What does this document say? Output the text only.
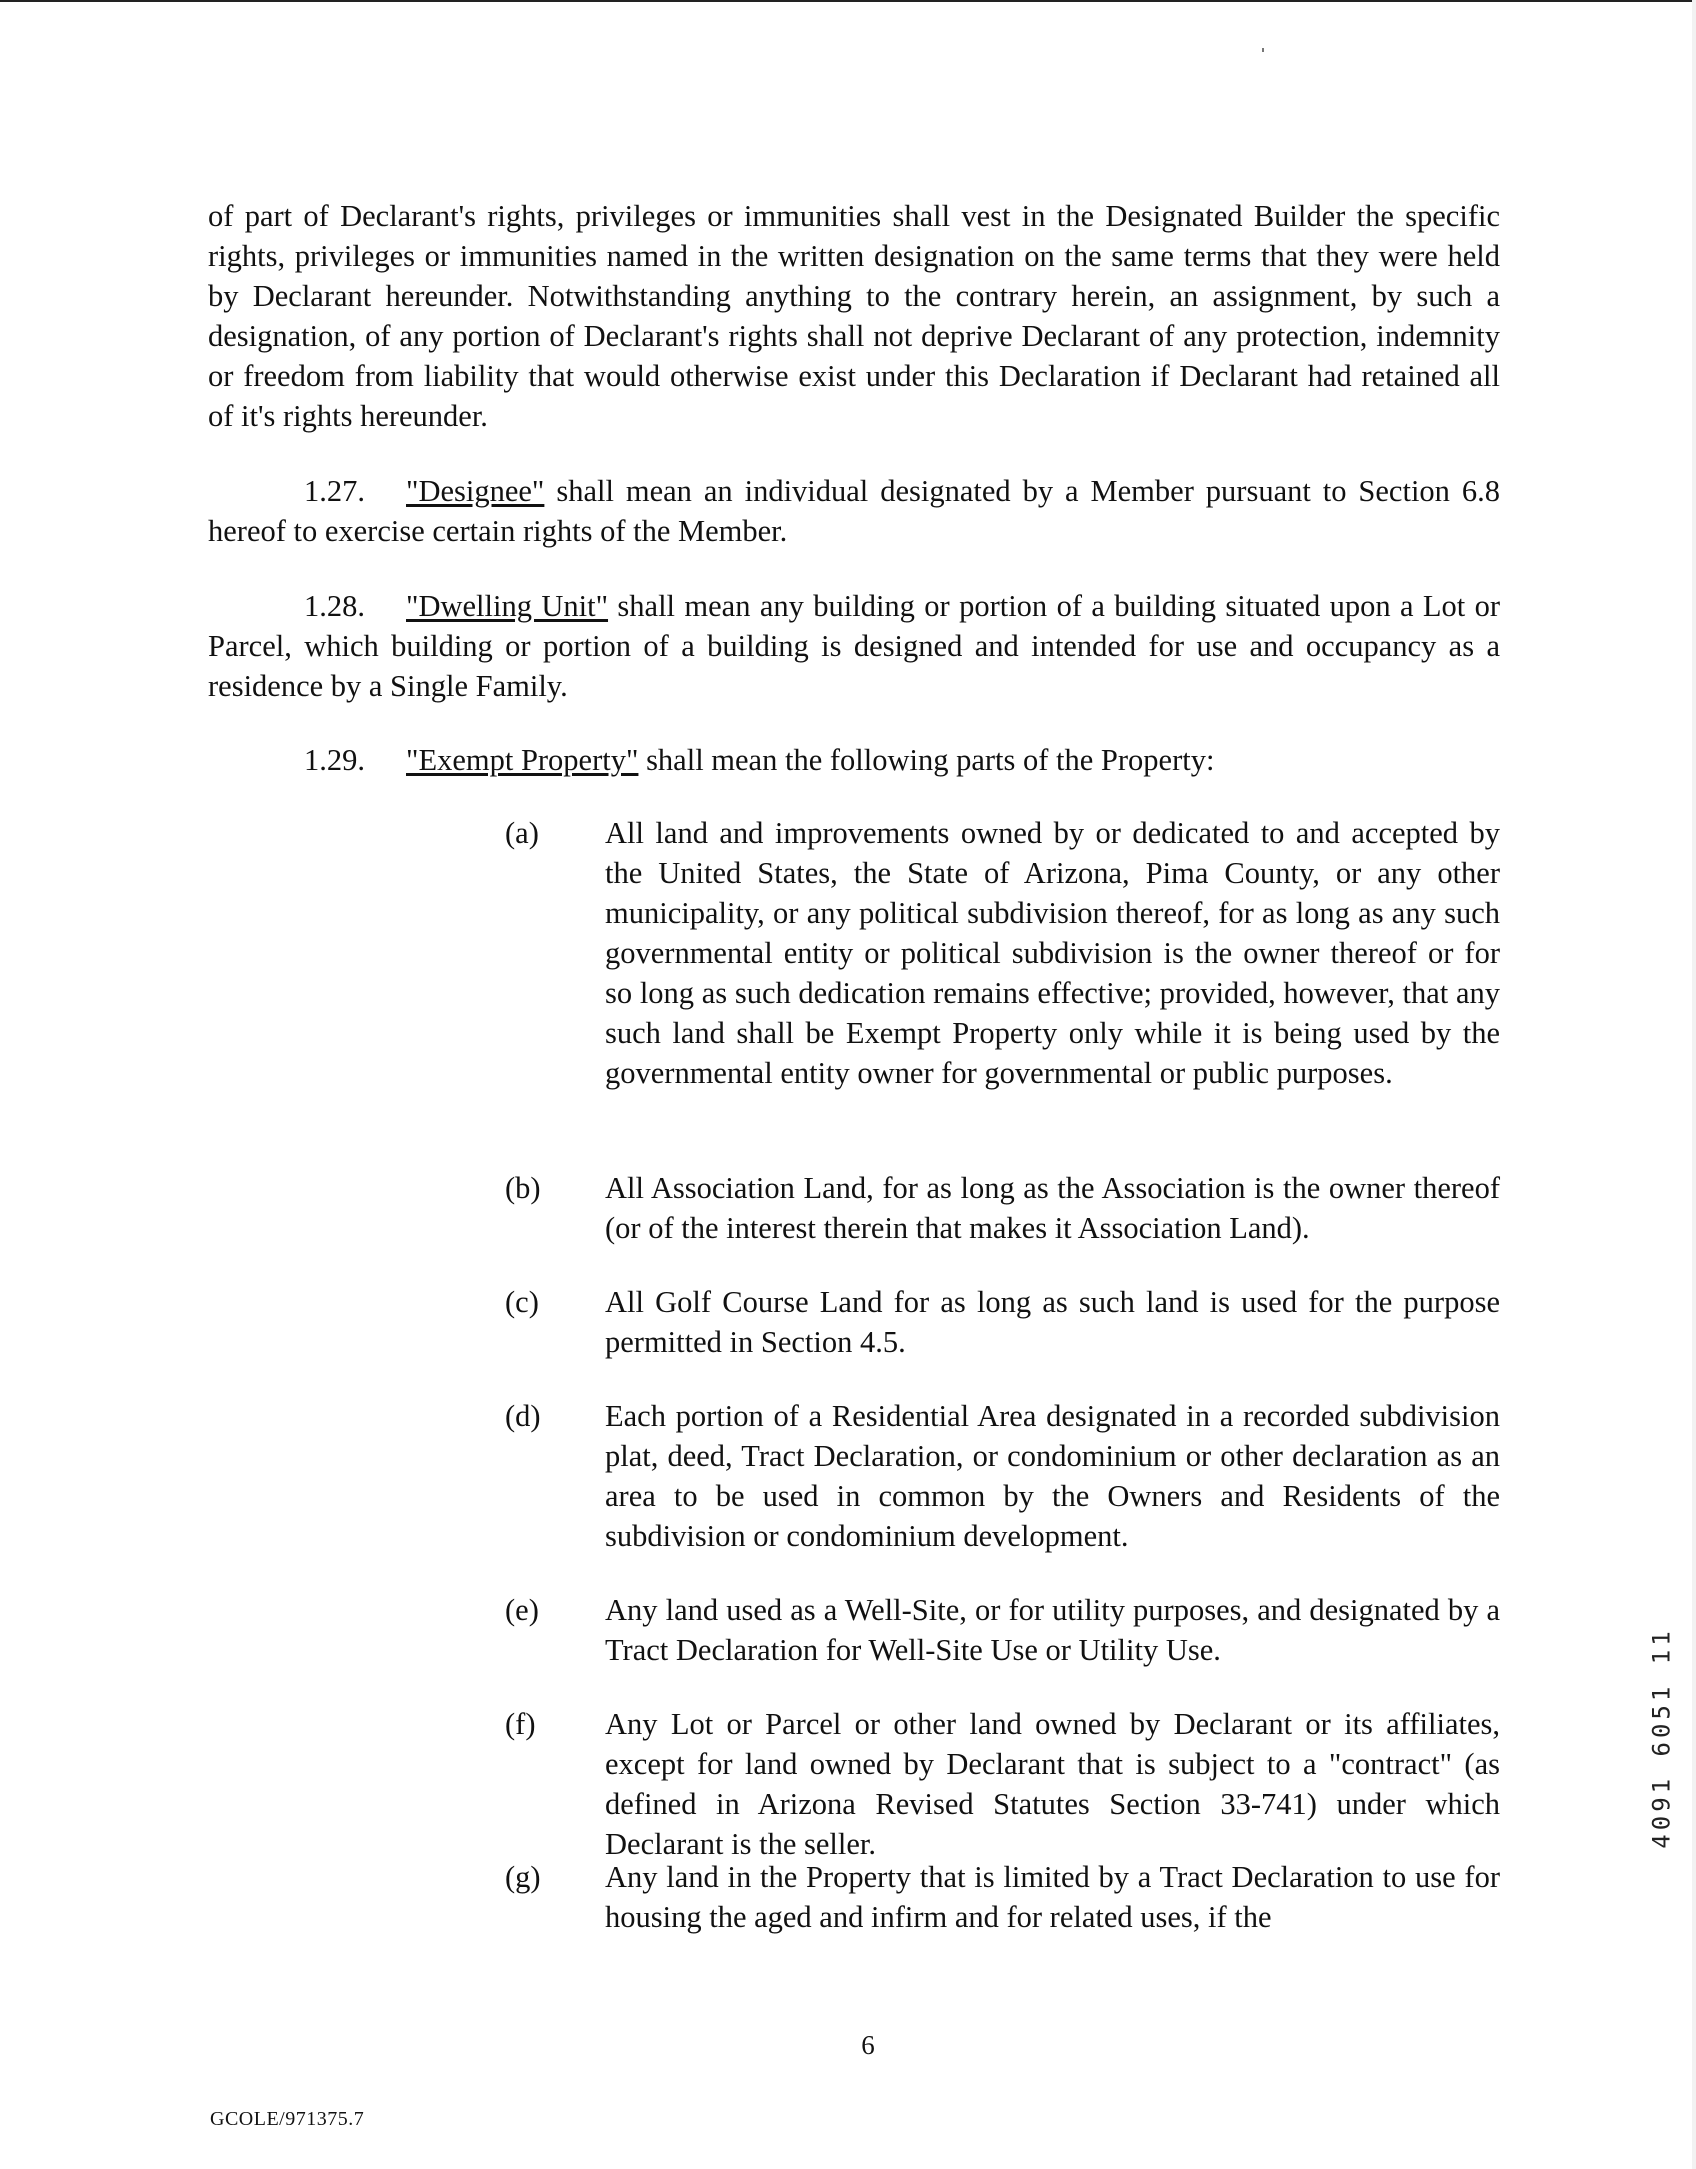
of part of Declarant's rights, privileges or immunities shall vest in the Designated Builder the specific rights, privileges or immunities named in the written designation on the same terms that they were held by Declarant hereunder. Notwithstanding anything to the contrary herein, an assignment, by such a designation, of any portion of Declarant's rights shall not deprive Declarant of any protection, indemnity or freedom from liability that would otherwise exist under this Declaration if Declarant had retained all of it's rights hereunder.

1.27. "Designee" shall mean an individual designated by a Member pursuant to Section 6.8 hereof to exercise certain rights of the Member.

1.28. "Dwelling Unit" shall mean any building or portion of a building situated upon a Lot or Parcel, which building or portion of a building is designed and intended for use and occupancy as a residence by a Single Family.

1.29. "Exempt Property" shall mean the following parts of the Property:

(a) All land and improvements owned by or dedicated to and accepted by the United States, the State of Arizona, Pima County, or any other municipality, or any political subdivision thereof, for as long as any such governmental entity or political subdivision is the owner thereof or for so long as such dedication remains effective; provided, however, that any such land shall be Exempt Property only while it is being used by the governmental entity owner for governmental or public purposes.
(b) All Association Land, for as long as the Association is the owner thereof (or of the interest therein that makes it Association Land).
(c) All Golf Course Land for as long as such land is used for the purpose permitted in Section 4.5.
(d) Each portion of a Residential Area designated in a recorded subdivision plat, deed, Tract Declaration, or condominium or other declaration as an area to be used in common by the Owners and Residents of the subdivision or condominium development.
(e) Any land used as a Well-Site, or for utility purposes, and designated by a Tract Declaration for Well-Site Use or Utility Use.
(f) Any Lot or Parcel or other land owned by Declarant or its affiliates, except for land owned by Declarant that is subject to a "contract" (as defined in Arizona Revised Statutes Section 33-741) under which Declarant is the seller.
(g) Any land in the Property that is limited by a Tract Declaration to use for housing the aged and infirm and for related uses, if the
6
GCOLE/971375.7
4091 6051 11
